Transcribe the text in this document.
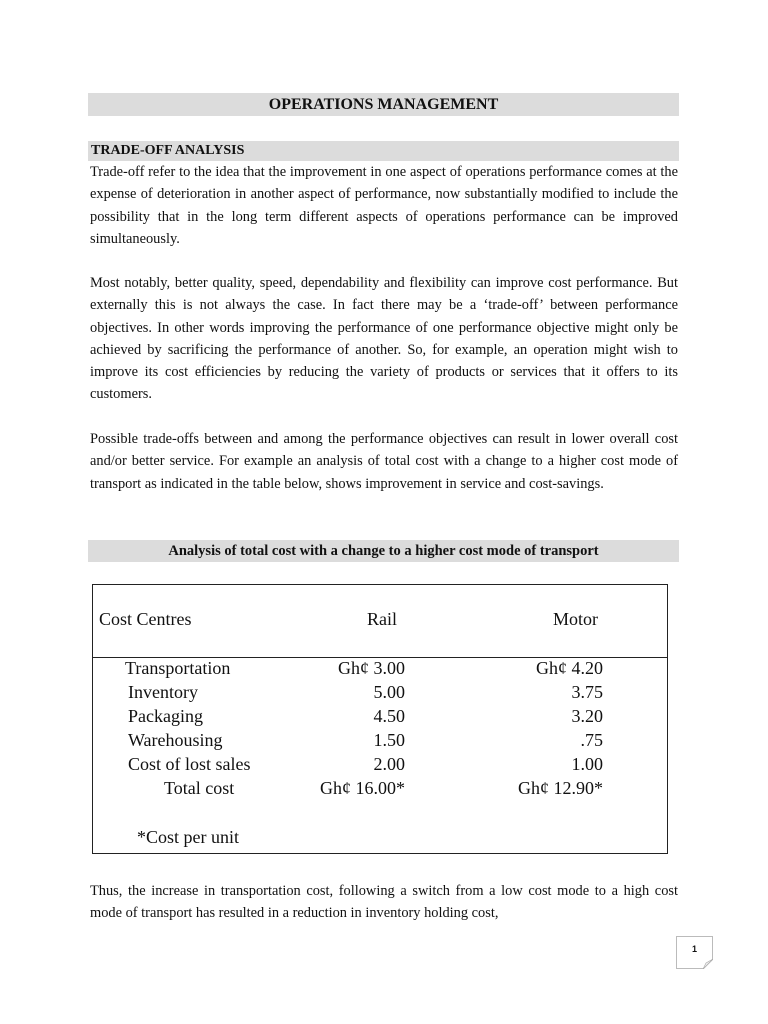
OPERATIONS MANAGEMENT
TRADE-OFF ANALYSIS

Trade-off refer to the idea that the improvement in one aspect of operations performance comes at the expense of deterioration in another aspect of performance, now substantially modified to include the possibility that in the long term different aspects of operations performance can be improved simultaneously.

Most notably, better quality, speed, dependability and flexibility can improve cost performance. But externally this is not always the case. In fact there may be a ‘trade-off’ between performance objectives. In other words improving the performance of one performance objective might only be achieved by sacrificing the performance of another. So, for example, an operation might wish to improve its cost efficiencies by reducing the variety of products or services that it offers to its customers.

Possible trade-offs between and among the performance objectives can result in lower overall cost and/or better service. For example an analysis of total cost with a change to a higher cost mode of transport as indicated in the table below, shows improvement in service and cost-savings.

Analysis of total cost with a change to a higher cost mode of transport
Cost Centres	Rail	Motor
Transportation	Gh¢ 3.00	Gh¢ 4.20
Inventory	5.00	3.75
Packaging	4.50	3.20
Warehousing	1.50	.75
Cost of lost sales	2.00	1.00
Total cost	Gh¢ 16.00*	Gh¢ 12.90*
*Cost per unit

Thus, the increase in transportation cost, following a switch from a low cost mode to a high cost mode of transport has resulted in a reduction in inventory holding cost,

1
